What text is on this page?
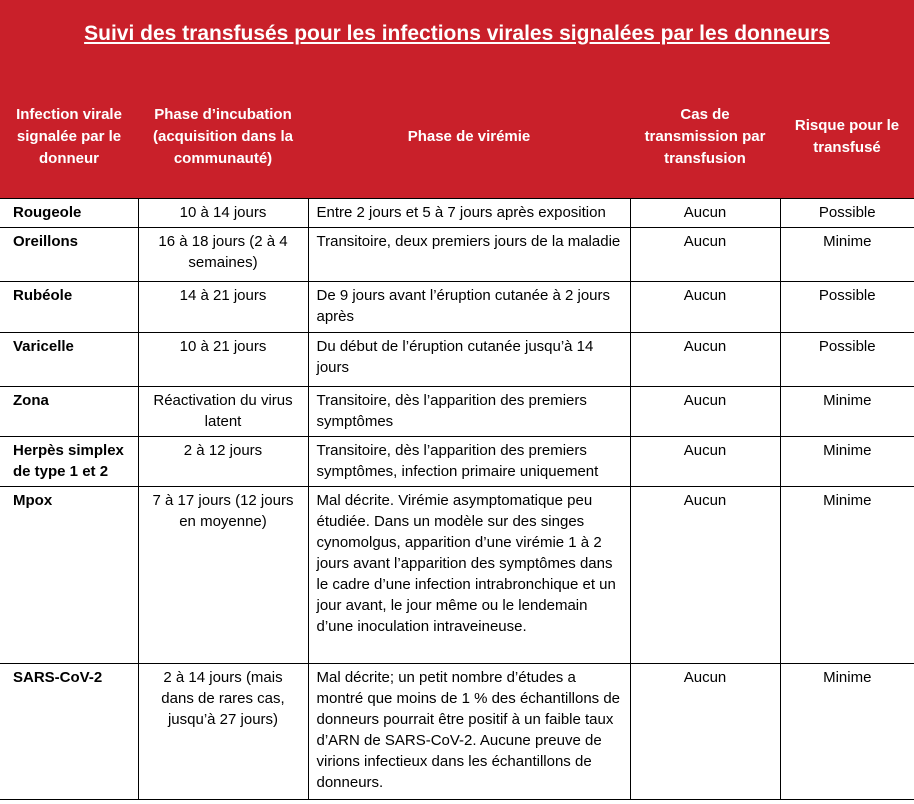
Suivi des transfusés pour les infections virales signalées par les donneurs
Infection virale signalée par le donneur	Phase d’incubation (acquisition dans la communauté)	Phase de virémie	Cas de transmission par transfusion	Risque pour le transfusé
Rougeole	10 à 14 jours	Entre 2 jours et 5 à 7 jours après exposition	Aucun	Possible
Oreillons	16 à 18 jours (2 à 4 semaines)	Transitoire, deux premiers jours de la maladie	Aucun	Minime
Rubéole	14 à 21 jours	De 9 jours avant l’éruption cutanée à 2 jours après	Aucun	Possible
Varicelle	10 à 21 jours	Du début de l’éruption cutanée jusqu’à 14 jours	Aucun	Possible
Zona	Réactivation du virus latent	Transitoire, dès l’apparition des premiers symptômes	Aucun	Minime
Herpès simplex de type 1 et 2	2 à 12 jours	Transitoire, dès l’apparition des premiers symptômes, infection primaire uniquement	Aucun	Minime
Mpox	7 à 17 jours (12 jours en moyenne)	Mal décrite. Virémie asymptomatique peu étudiée. Dans un modèle sur des singes cynomolgus, apparition d’une virémie 1 à 2 jours avant l’apparition des symptômes dans le cadre d’une infection intrabronchique et un jour avant, le jour même ou le lendemain d’une inoculation intraveineuse.	Aucun	Minime
SARS-CoV-2	2 à 14 jours (mais dans de rares cas, jusqu’à 27 jours)	Mal décrite; un petit nombre d’études a montré que moins de 1 % des échantillons de donneurs pourrait être positif à un faible taux d’ARN de SARS-CoV-2. Aucune preuve de virions infectieux dans les échantillons de donneurs.	Aucun	Minime
